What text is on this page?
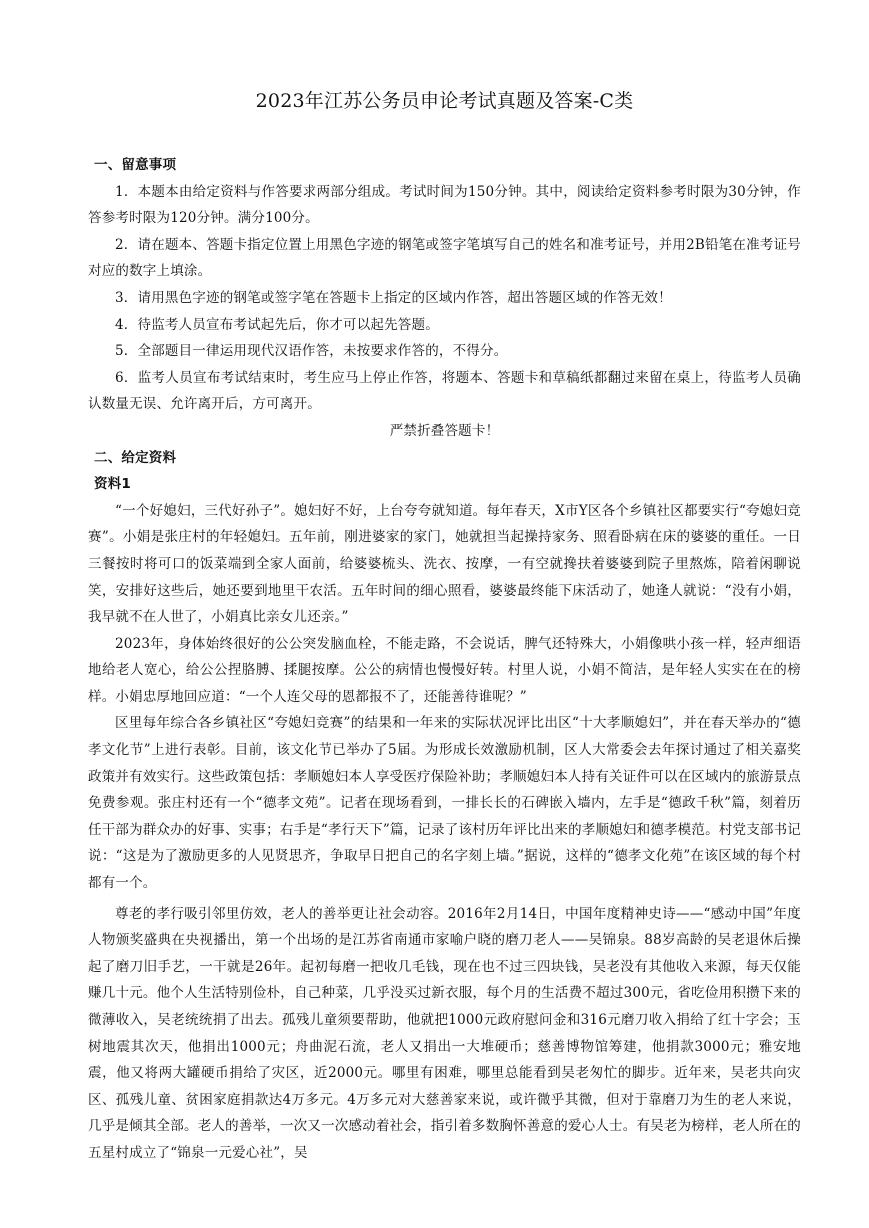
2023年江苏公务员申论考试真题及答案-C类
一、留意事项

1．本题本由给定资料与作答要求两部分组成。考试时间为150分钟。其中，阅读给定资料参考时限为30分钟，作答参考时限为120分钟。满分100分。

2．请在题本、答题卡指定位置上用黑色字迹的钢笔或签字笔填写自己的姓名和准考证号，并用2B铅笔在准考证号对应的数字上填涂。

3．请用黑色字迹的钢笔或签字笔在答题卡上指定的区域内作答，超出答题区域的作答无效！

4．待监考人员宣布考试起先后，你才可以起先答题。

5．全部题目一律运用现代汉语作答，未按要求作答的，不得分。

6．监考人员宣布考试结束时，考生应马上停止作答，将题本、答题卡和草稿纸都翻过来留在桌上，待监考人员确认数量无误、允许离开后，方可离开。

严禁折叠答题卡！

二、给定资料
资料1

“一个好媳妇，三代好孙子”。媳妇好不好，上台夸夸就知道。每年春天，X市Y区各个乡镇社区都要实行“夸媳妇竞赛”。小娟是张庄村的年轻媳妇。五年前，刚进婆家的家门，她就担当起操持家务、照看卧病在床的婆婆的重任。一日三餐按时将可口的饭菜端到全家人面前，给婆婆梳头、洗衣、按摩，一有空就搀扶着婆婆到院子里熬炼，陪着闲聊说笑，安排好这些后，她还要到地里干农活。五年时间的细心照看，婆婆最终能下床活动了，她逢人就说：“没有小娟，我早就不在人世了，小娟真比亲女儿还亲。”

2023年，身体始终很好的公公突发脑血栓，不能走路，不会说话，脾气还特殊大，小娟像哄小孩一样，轻声细语地给老人宽心，给公公捏胳膊、揉腿按摩。公公的病情也慢慢好转。村里人说，小娟不简洁，是年轻人实实在在的榜样。小娟忠厚地回应道：“一个人连父母的恩都报不了，还能善待谁呢？”

区里每年综合各乡镇社区“夸媳妇竞赛”的结果和一年来的实际状况评比出区“十大孝顺媳妇”，并在春天举办的“德孝文化节”上进行表彰。目前，该文化节已举办了5届。为形成长效激励机制，区人大常委会去年探讨通过了相关嘉奖政策并有效实行。这些政策包括：孝顺媳妇本人享受医疗保险补助；孝顺媳妇本人持有关证件可以在区域内的旅游景点免费参观。张庄村还有一个“德孝文苑”。记者在现场看到，一排长长的石碑嵌入墙内，左手是“德政千秋”篇，刻着历任干部为群众办的好事、实事；右手是“孝行天下”篇，记录了该村历年评比出来的孝顺媳妇和德孝模范。村党支部书记说：“这是为了激励更多的人见贤思齐，争取早日把自己的名字刻上墙。”据说，这样的“德孝文化苑”在该区域的每个村都有一个。

尊老的孝行吸引邻里仿效，老人的善举更让社会动容。2016年2月14日，中国年度精神史诗——“感动中国”年度人物颁奖盛典在央视播出，第一个出场的是江苏省南通市家喻户晓的磨刀老人——吴锦泉。88岁高龄的吴老退休后操起了磨刀旧手艺，一干就是26年。起初每磨一把收几毛钱，现在也不过三四块钱，吴老没有其他收入来源，每天仅能赚几十元。他个人生活特别俭朴，自己种菜，几乎没买过新衣服，每个月的生活费不超过300元，省吃俭用积攒下来的微薄收入，吴老统统捐了出去。孤残儿童须要帮助，他就把1000元政府慰问金和316元磨刀收入捐给了红十字会；玉树地震其次天，他捐出1000元；舟曲泥石流，老人又捐出一大堆硬币；慈善博物馆筹建，他捐款3000元；雅安地震，他又将两大罐硬币捐给了灾区，近2000元。哪里有困难，哪里总能看到吴老匆忙的脚步。近年来，吴老共向灾区、孤残儿童、贫困家庭捐款达4万多元。4万多元对大慈善家来说，或许微乎其微，但对于靠磨刀为生的老人来说，几乎是倾其全部。老人的善举，一次又一次感动着社会，指引着多数胸怀善意的爱心人士。有吴老为榜样，老人所在的五星村成立了“锦泉一元爱心社”，吴
